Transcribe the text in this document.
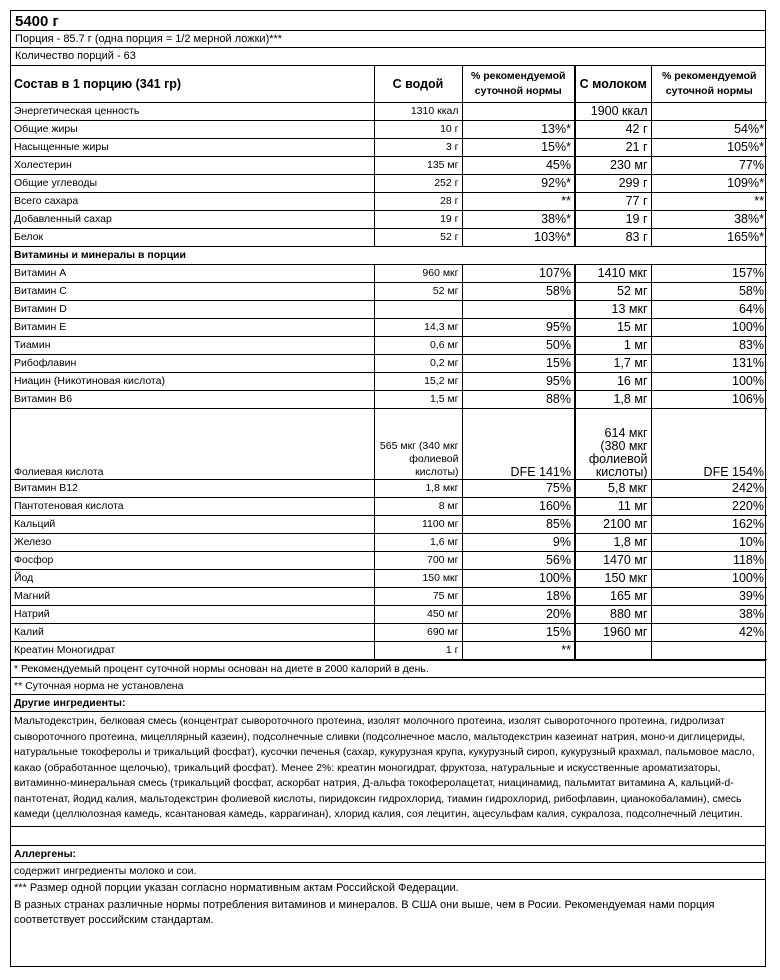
5400 г
Порция - 85.7 г (одна порция = 1/2 мерной ложки)***
Количество порций - 63
Состав в 1 порцию (341 гр)	С водой	% рекомендуемой суточной нормы	С молоком	% рекомендуемой суточной нормы
Энергетическая ценность	1310 ккал		1900 ккал	
Общие жиры	10 г	13%*	42 г	54%*
Насыщенные жиры	3 г	15%*	21 г	105%*
Холестерин	135 мг	45%	230 мг	77%
Общие углеводы	252 г	92%*	299 г	109%*
Всего сахара	28 г	**	77 г	**
Добавленный сахар	19 г	38%*	19 г	38%*
Белок	52 г	103%*	83 г	165%*
Витамины и минералы в порции				
Витамин А	960 мкг	107%	1410 мкг	157%
Витамин С	52 мг	58%	52 мг	58%
Витамин D			13 мкг	64%
Витамин Е	14,3 мг	95%	15 мг	100%
Тиамин	0,6 мг	50%	1 мг	83%
Рибофлавин	0,2 мг	15%	1,7 мг	131%
Ниацин (Никотиновая кислота)	15,2 мг	95%	16 мг	100%
Витамин В6	1,5 мг	88%	1,8 мг	106%
Фолиевая кислота	565 мкг (340 мкг фолиевой кислоты)	DFE 141%	614 мкг (380 мкг фолиевой кислоты)	DFE 154%
Витамин В12	1,8 мкг	75%	5,8 мкг	242%
Пантотеновая кислота	8 мг	160%	11 мг	220%
Кальций	1100 мг	85%	2100 мг	162%
Железо	1,6 мг	9%	1,8 мг	10%
Фосфор	700 мг	56%	1470 мг	118%
Йод	150 мкг	100%	150 мкг	100%
Магний	75 мг	18%	165 мг	39%
Натрий	450 мг	20%	880 мг	38%
Калий	690 мг	15%	1960 мг	42%
Креатин Моногидрат	1 г	**		
* Рекомендуемый процент суточной нормы основан на диете в 2000 калорий в день.
** Суточная норма не установлена
Другие ингредиенты:
Мальтодекстрин, белковая смесь (концентрат сывороточного протеина, изолят молочного протеина, изолят сывороточного протеина, гидролизат сывороточного протеина, мицеллярный казеин), подсолнечные сливки (подсолнечное масло, мальтодекстрин казеинат натрия, моно-и диглицериды, натуральные токоферолы и трикальций фосфат), кусочки печенья (сахар, кукурузная крупа, кукурузный сироп, кукурузный крахмал, пальмовое масло, какао (обработанное щелочью), трикальций фосфат). Менее 2%: креатин моногидрат, фруктоза, натуральные и искусственные ароматизаторы, витаминно-минеральная смесь (трикальций фосфат, аскорбат натрия, Д-альфа токоферолацетат, ниацинамид, пальмитат витамина А, кальций-d-пантотенат, йодид калия, мальтодекстрин фолиевой кислоты, пиридоксин гидрохлорид, тиамин гидрохлорид, рибофлавин, цианокобаламин), смесь камеди (целлюлозная камедь, ксантановая камедь, каррагинан), хлорид калия, соя лецитин, ацесульфам калия, сукралоза, подсолнечный лецитин.
Аллергены:
содержит ингредиенты молоко и сои.
*** Размер одной порции указан согласно нормативным актам Российской Федерации.
В разных странах различные нормы потребления витаминов и минералов. В США они выше, чем в Росии. Рекомендуемая нами порция соответствует российским стандартам.
